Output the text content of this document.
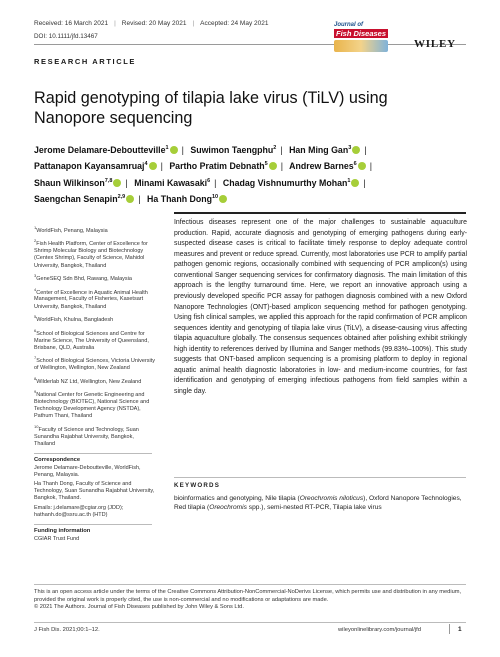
Received: 16 March 2021 | Revised: 20 May 2021 | Accepted: 24 May 2021
DOI: 10.1111/jfd.13467
RESEARCH ARTICLE
Journal of
Fish Diseases
WILEY
Rapid genotyping of tilapia lake virus (TiLV) using Nanopore sequencing
Jerome Delamare-Deboutteville$^1$ | Suwimon Taengphu$^2$ | Han Ming Gan$^3$ |
Pattanapon Kayansamruaj$^4$ | Partho Pratim Debnath$^5$ | Andrew Barnes$^6$ |
Shaun Wilkinson$^{7,8}$ | Minami Kawasaki$^6$ | Chadag Vishnumurthy Mohan$^1$ |
Saengchan Senapin$^{2,9}$ | Ha Thanh Dong$^{10}$

$^1$WorldFish, Penang, Malaysia

$^2$Fish Health Platform, Center of Excellence for Shrimp Molecular Biology and Biotechnology (Centex Shrimp), Faculty of Science, Mahidol University, Bangkok, Thailand

$^3$GeneSEQ Sdn Bhd, Rawang, Malaysia

$^4$Center of Excellence in Aquatic Animal Health Management, Faculty of Fisheries, Kasetsart University, Bangkok, Thailand

$^5$WorldFish, Khulna, Bangladesh

$^6$School of Biological Sciences and Centre for Marine Science, The University of Queensland, Brisbane, QLD, Australia

$^7$School of Biological Sciences, Victoria University of Wellington, Wellington, New Zealand

$^8$Wilderlab NZ Ltd, Wellington, New Zealand

$^9$National Center for Genetic Engineering and Biotechnology (BIOTEC), National Science and Technology Development Agency (NSTDA), Pathum Thani, Thailand

$^{10}$Faculty of Science and Technology, Suan Sunandha Rajabhat University, Bangkok, Thailand

Correspondence

Jerome Delamare-Deboutteville, WorldFish, Penang, Malaysia.

Ha Thanh Dong, Faculty of Science and Technology, Suan Sunandha Rajabhat University, Bangkok, Thailand.

Emails: j.delamare@cgiar.org (JDD); hathanh.do@ssru.ac.th (HTD)

Funding information

CGIAR Trust Fund

Infectious diseases represent one of the major challenges to sustainable aquaculture production. Rapid, accurate diagnosis and genotyping of emerging pathogens during early-suspected disease cases is critical to facilitate timely response to deploy adequate control measures and prevent or reduce spread. Currently, most laboratories use PCR to amplify partial pathogen genomic regions, occasionally combined with sequencing of PCR amplicon(s) using conventional Sanger sequencing services for confirmatory diagnosis. The main limitation of this approach is the lengthy turnaround time. Here, we report an innovative approach using a previously developed specific PCR assay for pathogen diagnosis combined with a new Oxford Nanopore Technologies (ONT)-based amplicon sequencing method for pathogen genotyping. Using fish clinical samples, we applied this approach for the rapid confirmation of PCR amplicon sequences identity and genotyping of tilapia lake virus (TiLV), a disease-causing virus affecting tilapia aquaculture globally. The consensus sequences obtained after polishing exhibit strikingly high identity to references derived by Illumina and Sanger methods (99.83%–100%). This study suggests that ONT-based amplicon sequencing is a promising platform to deploy in regional aquatic animal health diagnostic laboratories in low- and medium-income countries, for fast identification and genotyping of emerging infectious pathogens from field samples within a single day.
KEYWORDS
bioinformatics and genotyping, Nile tilapia (Oreochromis niloticus), Oxford Nanopore Technologies, Red tilapia (Oreochromis spp.), semi-nested RT-PCR, Tilapia lake virus
This is an open access article under the terms of the Creative Commons Attribution-NonCommercial-NoDerivs License, which permits use and distribution in any medium, provided the original work is properly cited, the use is non-commercial and no modifications or adaptations are made.
© 2021 The Authors. Journal of Fish Diseases published by John Wiley & Sons Ltd.
J Fish Dis. 2021;00:1–12.	wileyonlinelibrary.com/journal/jfd	1
